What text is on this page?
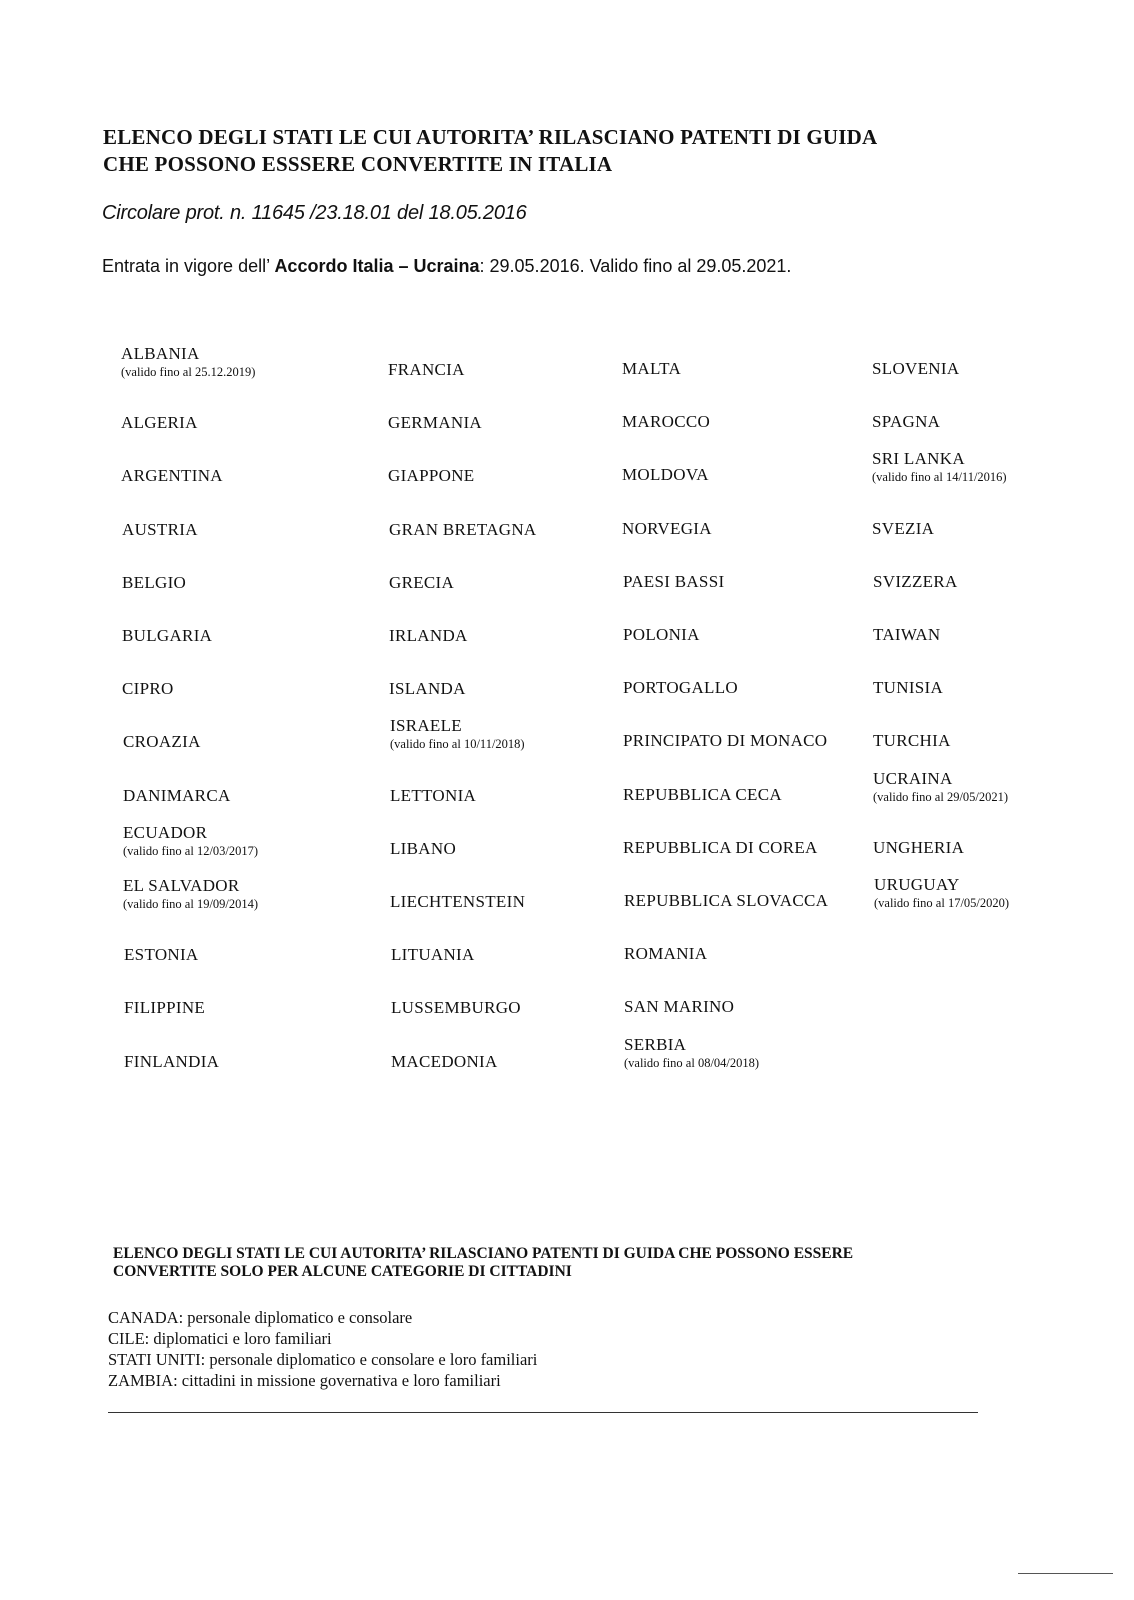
ELENCO DEGLI STATI LE CUI AUTORITA’ RILASCIANO PATENTI DI GUIDA
CHE POSSONO ESSSERE CONVERTITE IN ITALIA

Circolare prot. n. 11645 /23.18.01 del 18.05.2016

Entrata in vigore dell’ Accordo Italia – Ucraina: 29.05.2016. Valido fino al 29.05.2021.

ALBANIA
(valido fino al 25.12.2019)
ALGERIA
ARGENTINA
AUSTRIA
BELGIO
BULGARIA
CIPRO
CROAZIA
DANIMARCA
ECUADOR
(valido fino al 12/03/2017)
EL SALVADOR
(valido fino al 19/09/2014)
ESTONIA
FILIPPINE
FINLANDIA
FRANCIA
GERMANIA
GIAPPONE
GRAN BRETAGNA
GRECIA
IRLANDA
ISLANDA
ISRAELE
(valido fino al 10/11/2018)
LETTONIA
LIBANO
LIECHTENSTEIN
LITUANIA
LUSSEMBURGO
MACEDONIA
MALTA
MAROCCO
MOLDOVA
NORVEGIA
PAESI BASSI
POLONIA
PORTOGALLO
PRINCIPATO DI MONACO
REPUBBLICA CECA
REPUBBLICA DI COREA
REPUBBLICA SLOVACCA
ROMANIA
SAN MARINO
SERBIA
(valido fino al 08/04/2018)
SLOVENIA
SPAGNA
SRI LANKA
(valido fino al 14/11/2016)
SVEZIA
SVIZZERA
TAIWAN
TUNISIA
TURCHIA
UCRAINA
(valido fino al 29/05/2021)
UNGHERIA
URUGUAY
(valido fino al 17/05/2020)
ELENCO DEGLI STATI LE CUI AUTORITA’ RILASCIANO PATENTI DI GUIDA CHE POSSONO ESSERE
CONVERTITE SOLO PER ALCUNE CATEGORIE DI CITTADINI
CANADA: personale diplomatico e consolare
CILE: diplomatici e loro familiari
STATI UNITI: personale diplomatico e consolare e loro familiari
ZAMBIA: cittadini in missione governativa e loro familiari
